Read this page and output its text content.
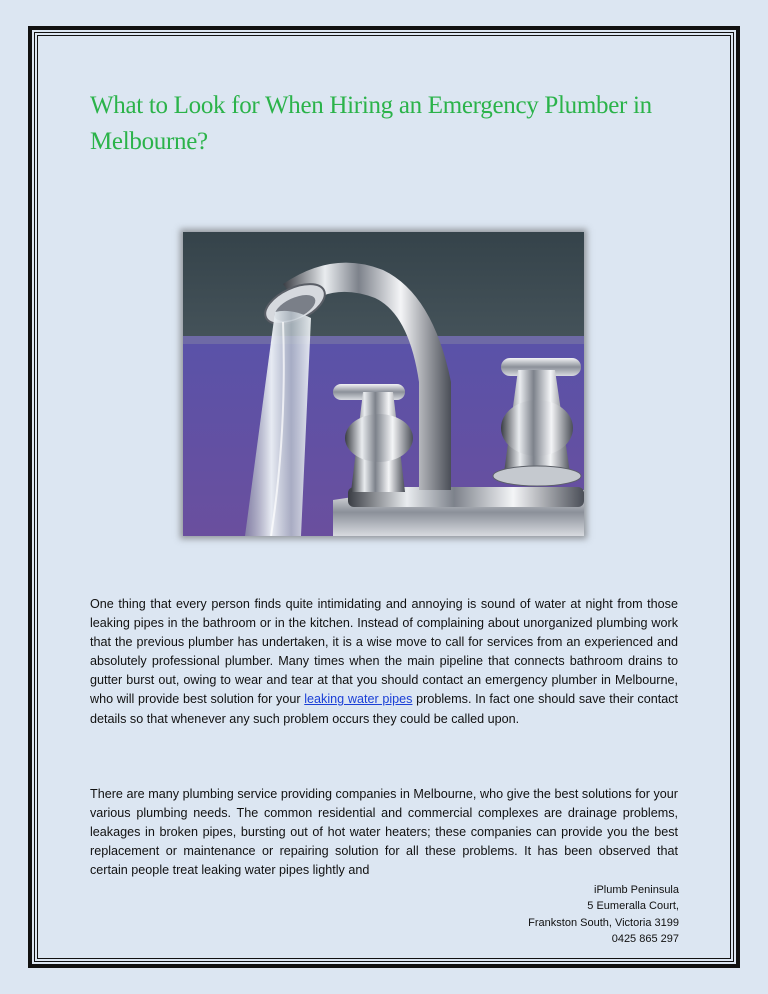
What to Look for When Hiring an Emergency Plumber in Melbourne?

One thing that every person finds quite intimidating and annoying is sound of water at night from those leaking pipes in the bathroom or in the kitchen. Instead of complaining about unorganized plumbing work that the previous plumber has undertaken, it is a wise move to call for services from an experienced and absolutely professional plumber. Many times when the main pipeline that connects bathroom drains to gutter burst out, owing to wear and tear at that you should contact an emergency plumber in Melbourne, who will provide best solution for your leaking water pipes problems. In fact one should save their contact details so that whenever any such problem occurs they could be called upon.

There are many plumbing service providing companies in Melbourne, who give the best solutions for your various plumbing needs. The common residential and commercial complexes are drainage problems, leakages in broken pipes, bursting out of hot water heaters; these companies can provide you the best replacement or maintenance or repairing solution for all these problems. It has been observed that certain people treat leaking water pipes lightly and

iPlumb Peninsula
5 Eumeralla Court,
Frankston South, Victoria 3199
0425 865 297
